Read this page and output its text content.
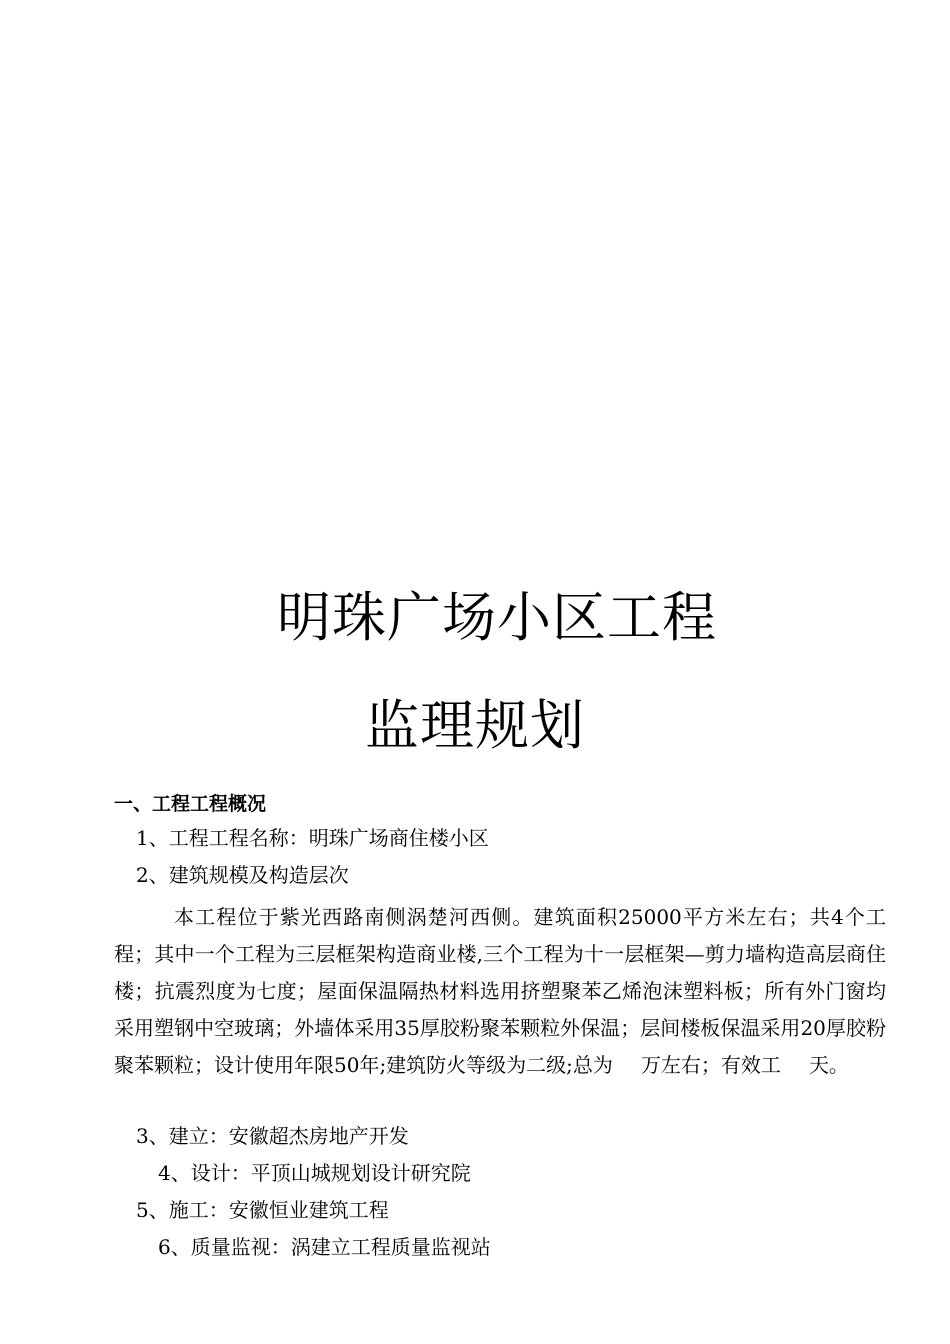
明珠广场小区工程
监理规划
一、工程工程概况
1、工程工程名称：明珠广场商住楼小区
2、建筑规模及构造层次
本工程位于紫光西路南侧涡楚河西侧。建筑面积25000平方米左右；共4个工程；其中一个工程为三层框架构造商业楼,三个工程为十一层框架—剪力墙构造高层商住楼；抗震烈度为七度；屋面保温隔热材料选用挤塑聚苯乙烯泡沫塑料板；所有外门窗均采用塑钢中空玻璃；外墙体采用35厚胶粉聚苯颗粒外保温；层间楼板保温采用20厚胶粉聚苯颗粒；设计使用年限50年;建筑防火等级为二级;总为 万左右；有效工 天。
3、建立：安徽超杰房地产开发
4、设计：平顶山城规划设计研究院
5、施工：安徽恒业建筑工程
6、质量监视：涡建立工程质量监视站
